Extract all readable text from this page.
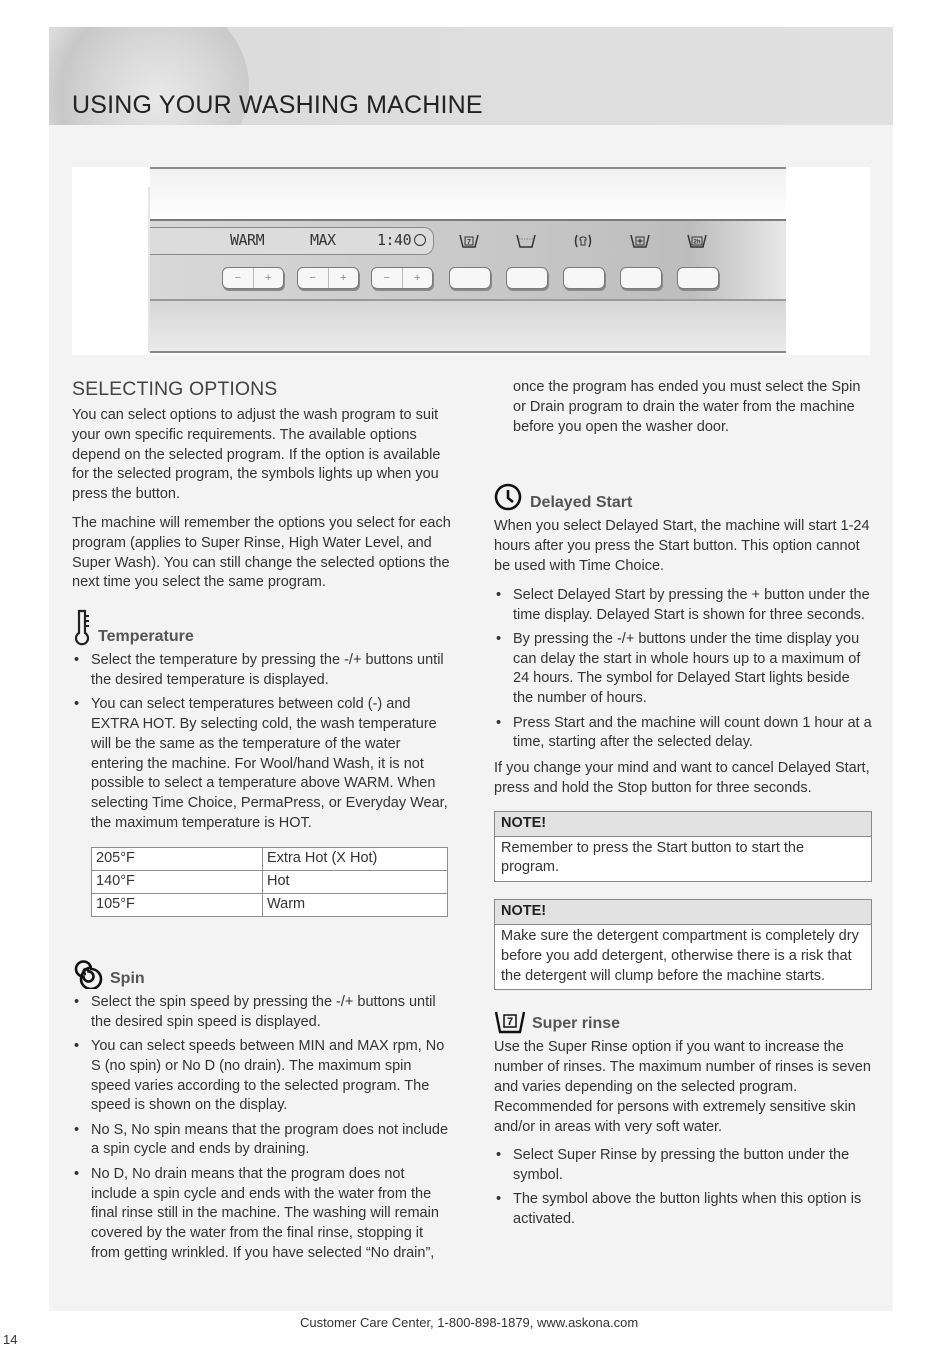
USING YOUR WASHING MACHINE
WARM	MAX	1:40	7	2h
−	+	−	+	−	+
SELECTING OPTIONS

You can select options to adjust the wash program to suit your own specific requirements. The available options depend on the selected program. If the option is available for the selected program, the symbols lights up when you press the button.

The machine will remember the options you select for each program (applies to Super Rinse, High Water Level, and Super Wash). You can still change the selected options the next time you select the same program.

Temperature
• Select the temperature by pressing the -/+ buttons until the desired temperature is displayed.
• You can select temperatures between cold (-) and EXTRA HOT. By selecting cold, the wash temperature will be the same as the temperature of the water entering the machine. For Wool/hand Wash, it is not possible to select a temperature above WARM. When selecting Time Choice, PermaPress, or Everyday Wear, the maximum temperature is HOT.
205°F	Extra Hot (X Hot)
140°F	Hot
105°F	Warm
Spin
• Select the spin speed by pressing the -/+ buttons until the desired spin speed is displayed.
• You can select speeds between MIN and MAX rpm, No S (no spin) or No D (no drain). The maximum spin speed varies according to the selected program. The speed is shown on the display.
• No S, No spin means that the program does not include a spin cycle and ends by draining.
• No D, No drain means that the program does not include a spin cycle and ends with the water from the final rinse still in the machine. The washing will remain covered by the water from the final rinse, stopping it from getting wrinkled. If you have selected “No drain”,

once the program has ended you must select the Spin or Drain program to drain the water from the machine before you open the washer door.

Delayed Start

When you select Delayed Start, the machine will start 1-24 hours after you press the Start button. This option cannot be used with Time Choice.

• Select Delayed Start by pressing the + button under the time display. Delayed Start is shown for three seconds.
• By pressing the -/+ buttons under the time display you can delay the start in whole hours up to a maximum of 24 hours. The symbol for Delayed Start lights beside the number of hours.
• Press Start and the machine will count down 1 hour at a time, starting after the selected delay.

If you change your mind and want to cancel Delayed Start, press and hold the Stop button for three seconds.

NOTE!
Remember to press the Start button to start the program.
NOTE!
Make sure the detergent compartment is completely dry before you add detergent, otherwise there is a risk that the detergent will clump before the machine starts.
7 Super rinse

Use the Super Rinse option if you want to increase the number of rinses. The maximum number of rinses is seven and varies depending on the selected program. Recommended for persons with extremely sensitive skin and/or in areas with very soft water.

• Select Super Rinse by pressing the button under the symbol.
• The symbol above the button lights when this option is activated.
Customer Care Center, 1-800-898-1879, www.askona.com
14
